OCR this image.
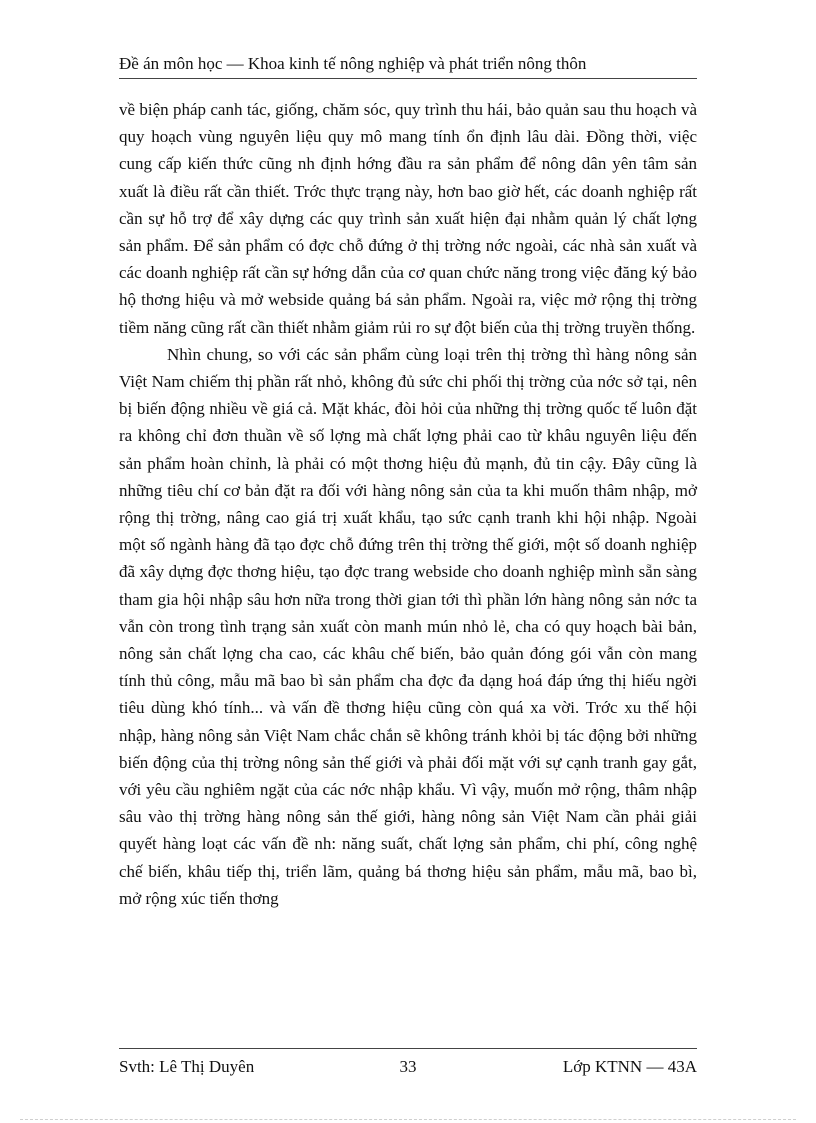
Đề án môn học — Khoa kinh tế nông nghiệp và phát triển nông thôn

về biện pháp canh tác, giống, chăm sóc, quy trình thu hái, bảo quản sau thu hoạch và quy hoạch vùng nguyên liệu quy mô mang tính ổn định lâu dài. Đồng thời, việc cung cấp kiến thức cũng nh định hớng đầu ra sản phẩm để nông dân yên tâm sản xuất là điều rất cần thiết. Trớc thực trạng này, hơn bao giờ hết, các doanh nghiệp rất cần sự hỗ trợ để xây dựng các quy trình sản xuất hiện đại nhằm quản lý chất lợng sản phẩm. Để sản phẩm có đợc chỗ đứng ở thị trờng nớc ngoài, các nhà sản xuất và các doanh nghiệp rất cần sự hớng dẫn của cơ quan chức năng trong việc đăng ký bảo hộ thơng hiệu và mở webside quảng bá sản phẩm. Ngoài ra, việc mở rộng thị trờng tiềm năng cũng rất cần thiết nhằm giảm rủi ro sự đột biến của thị trờng truyền thống.

Nhìn chung, so với các sản phẩm cùng loại trên thị trờng thì hàng nông sản Việt Nam chiếm thị phần rất nhỏ, không đủ sức chi phối thị trờng của nớc sở tại, nên bị biến động nhiều về giá cả. Mặt khác, đòi hỏi của những thị trờng quốc tế luôn đặt ra không chỉ đơn thuần về số lợng mà chất lợng phải cao từ khâu nguyên liệu đến sản phẩm hoàn chỉnh, là phải có một thơng hiệu đủ mạnh, đủ tin cậy. Đây cũng là những tiêu chí cơ bản đặt ra đối với hàng nông sản của ta khi muốn thâm nhập, mở rộng thị trờng, nâng cao giá trị xuất khẩu, tạo sức cạnh tranh khi hội nhập. Ngoài một số ngành hàng đã tạo đợc chỗ đứng trên thị trờng thế giới, một số doanh nghiệp đã xây dựng đợc thơng hiệu, tạo đợc trang webside cho doanh nghiệp mình sẵn sàng tham gia hội nhập sâu hơn nữa trong thời gian tới thì phần lớn hàng nông sản nớc ta vẫn còn trong tình trạng sản xuất còn manh mún nhỏ lẻ, cha có quy hoạch bài bản, nông sản chất lợng cha cao, các khâu chế biến, bảo quản đóng gói vẫn còn mang tính thủ công, mẫu mã bao bì sản phẩm cha đợc đa dạng hoá đáp ứng thị hiếu ngời tiêu dùng khó tính... và vấn đề thơng hiệu cũng còn quá xa vời. Trớc xu thế hội nhập, hàng nông sản Việt Nam chắc chắn sẽ không tránh khỏi bị tác động bởi những biến động của thị trờng nông sản thế giới và phải đối mặt với sự cạnh tranh gay gắt, với yêu cầu nghiêm ngặt của các nớc nhập khẩu. Vì vậy, muốn mở rộng, thâm nhập sâu vào thị trờng hàng nông sản thế giới, hàng nông sản Việt Nam cần phải giải quyết hàng loạt các vấn đề nh: năng suất, chất lợng sản phẩm, chi phí, công nghệ chế biến, khâu tiếp thị, triển lãm, quảng bá thơng hiệu sản phẩm, mẫu mã, bao bì, mở rộng xúc tiến thơng

Svth: Lê Thị Duyên	33	Lớp KTNN — 43A
